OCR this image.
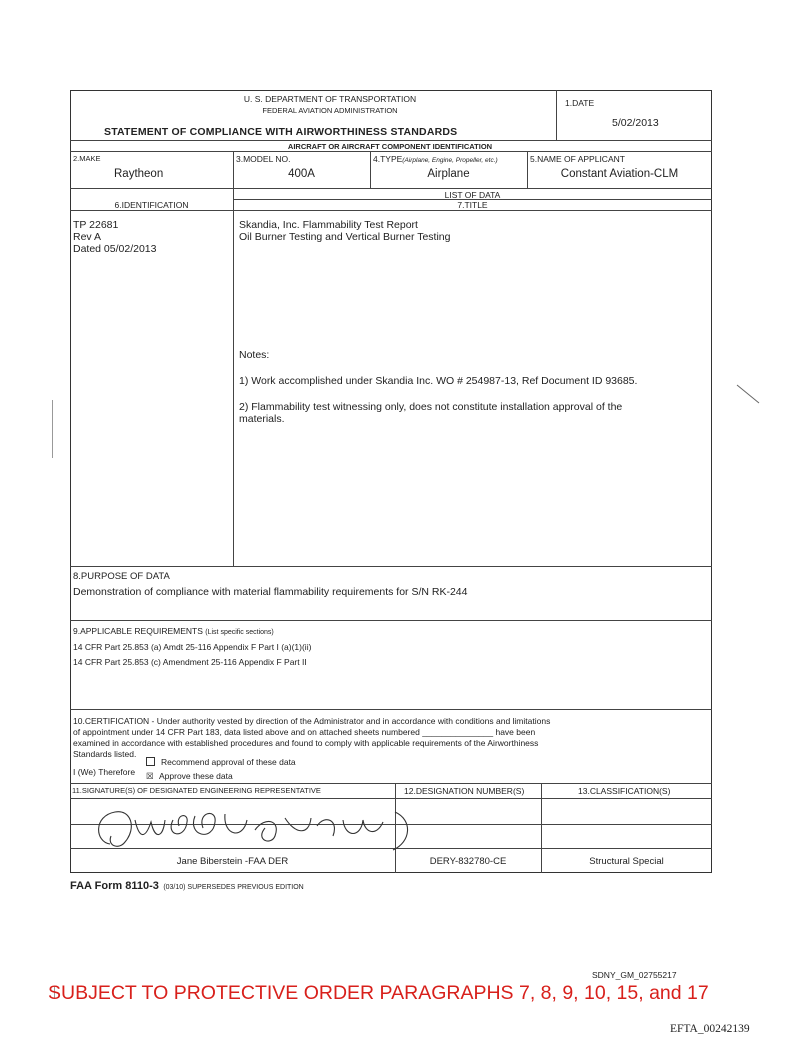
U. S. DEPARTMENT OF TRANSPORTATION
FEDERAL AVIATION ADMINISTRATION
STATEMENT OF COMPLIANCE WITH AIRWORTHINESS STANDARDS
1.DATE
5/02/2013
AIRCRAFT OR AIRCRAFT COMPONENT IDENTIFICATION
2.MAKE
Raytheon
3.MODEL NO.
400A
4.TYPE(Airplane, Engine, Propeller, etc.)
Airplane
5.NAME OF APPLICANT
Constant Aviation-CLM
LIST OF DATA
6.IDENTIFICATION	7.TITLE
TP 22681
Rev A
Dated 05/02/2013
Skandia, Inc. Flammability Test Report
Oil Burner Testing and Vertical Burner Testing
Notes:
1) Work accomplished under Skandia Inc. WO # 254987-13, Ref Document ID 93685.
2) Flammability test witnessing only, does not constitute installation approval of the
materials.
8.PURPOSE OF DATA
Demonstration of compliance with material flammability requirements for S/N RK-244
9.APPLICABLE REQUIREMENTS (List specific sections)
14 CFR Part 25.853 (a) Amdt 25-116 Appendix F Part I (a)(1)(ii)
14 CFR Part 25.853 (c) Amendment 25-116 Appendix F Part II
10.CERTIFICATION - Under authority vested by direction of the Administrator and in accordance with conditions and limitations
of appointment under 14 CFR Part 183, data listed above and on attached sheets numbered _______________ have been
examined in accordance with established procedures and found to comply with applicable requirements of the Airworthiness
Standards listed.
I (We) Therefore
Recommend approval of these data
☒ Approve these data
11.SIGNATURE(S) OF DESIGNATED ENGINEERING REPRESENTATIVE	12.DESIGNATION NUMBER(S)	13.CLASSIFICATION(S)
Jane Biberstein -FAA DER	DERY-832780-CE	Structural Special
FAA Form 8110-3 (03/10) SUPERSEDES PREVIOUS EDITION
SDNY_GM_02755217
SUBJECT TO PROTECTIVE ORDER PARAGRAPHS 7, 8, 9, 10, 15, and 17
EFTA_00242139
